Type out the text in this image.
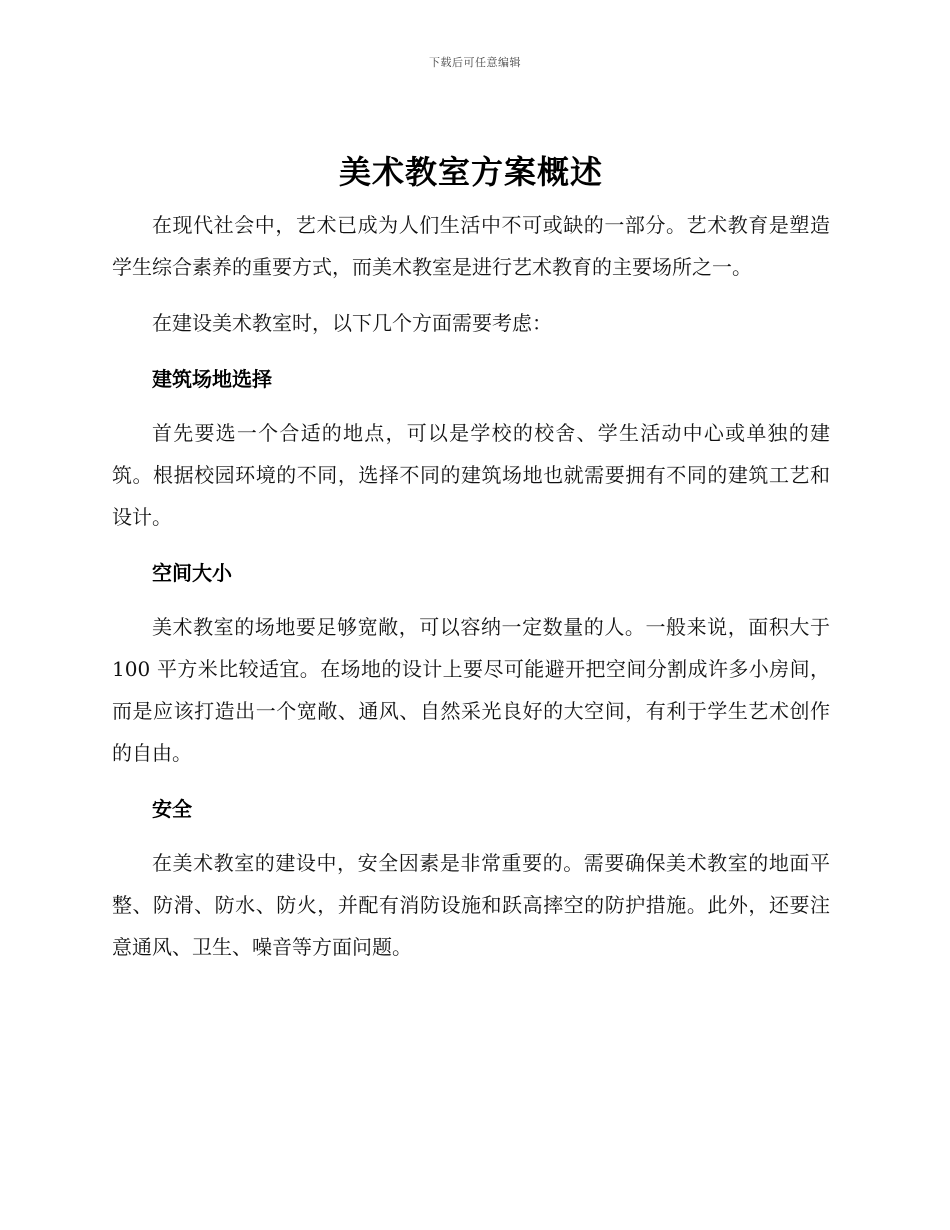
下载后可任意编辑
美术教室方案概述

在现代社会中，艺术已成为人们生活中不可或缺的一部分。艺术教育是塑造学生综合素养的重要方式，而美术教室是进行艺术教育的主要场所之一。

在建设美术教室时，以下几个方面需要考虑：

建筑场地选择

首先要选一个合适的地点，可以是学校的校舍、学生活动中心或单独的建筑。根据校园环境的不同，选择不同的建筑场地也就需要拥有不同的建筑工艺和设计。

空间大小

美术教室的场地要足够宽敞，可以容纳一定数量的人。一般来说，面积大于 100 平方米比较适宜。在场地的设计上要尽可能避开把空间分割成许多小房间，而是应该打造出一个宽敞、通风、自然采光良好的大空间，有利于学生艺术创作的自由。

安全

在美术教室的建设中，安全因素是非常重要的。需要确保美术教室的地面平整、防滑、防水、防火，并配有消防设施和跃高摔空的防护措施。此外，还要注意通风、卫生、噪音等方面问题。
